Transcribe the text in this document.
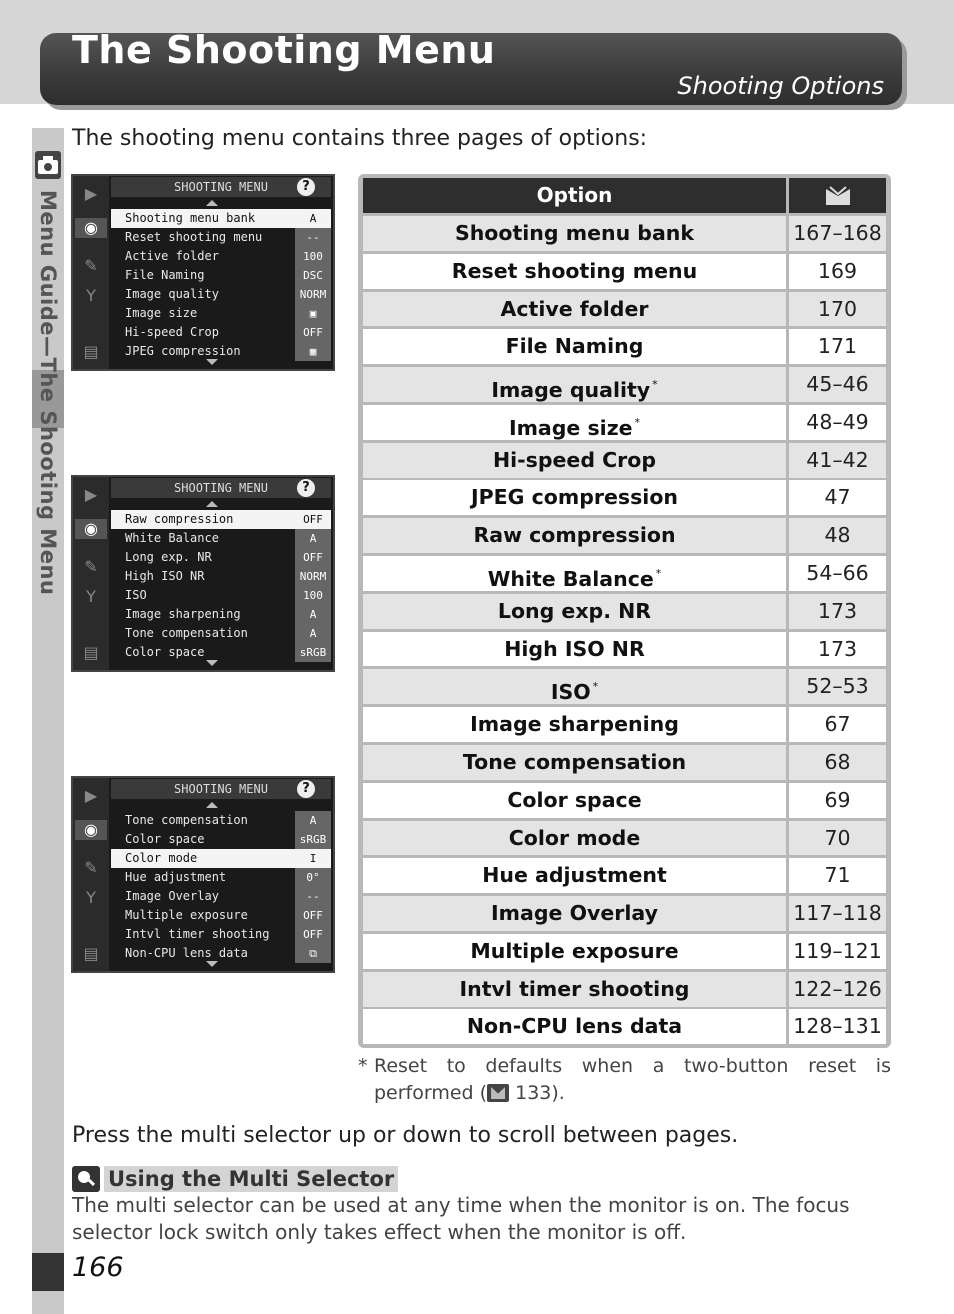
The Shooting Menu
Shooting Options
Menu Guide—The Shooting Menu
The shooting menu contains three pages of options:
▶
◉
✎
Y
▤
SHOOTING MENU	?
Shooting menu bank	A
Reset shooting menu	--
Active folder	100
File Naming	DSC
Image quality	NORM
Image size	▣
Hi-speed Crop	OFF
JPEG compression	▦
▶
◉
✎
Y
▤
SHOOTING MENU	?
Raw compression	OFF
White Balance	A
Long exp. NR	OFF
High ISO NR	NORM
ISO	100
Image sharpening	A
Tone compensation	A
Color space	sRGB
▶
◉
✎
Y
▤
SHOOTING MENU	?
Tone compensation	A
Color space	sRGB
Color mode	I
Hue adjustment	0°
Image Overlay	--
Multiple exposure	OFF
Intvl timer shooting	OFF
Non-CPU lens data	⧉
Option
Shooting menu bank	167–168
Reset shooting menu	169
Active folder	170
File Naming	171
Image quality *	45–46
Image size *	48–49
Hi-speed Crop	41–42
JPEG compression	47
Raw compression	48
White Balance *	54–66
Long exp. NR	173
High ISO NR	173
ISO *	52–53
Image sharpening	67
Tone compensation	68
Color space	69
Color mode	70
Hue adjustment	71
Image Overlay	117–118
Multiple exposure	119–121
Intvl timer shooting	122–126
Non-CPU lens data	128–131
* Reset to defaults when a two-button reset is performed ( 133).
Press the multi selector up or down to scroll between pages.
Using the Multi Selector
The multi selector can be used at any time when the monitor is on. The focus selector lock switch only takes effect when the monitor is off.
166
